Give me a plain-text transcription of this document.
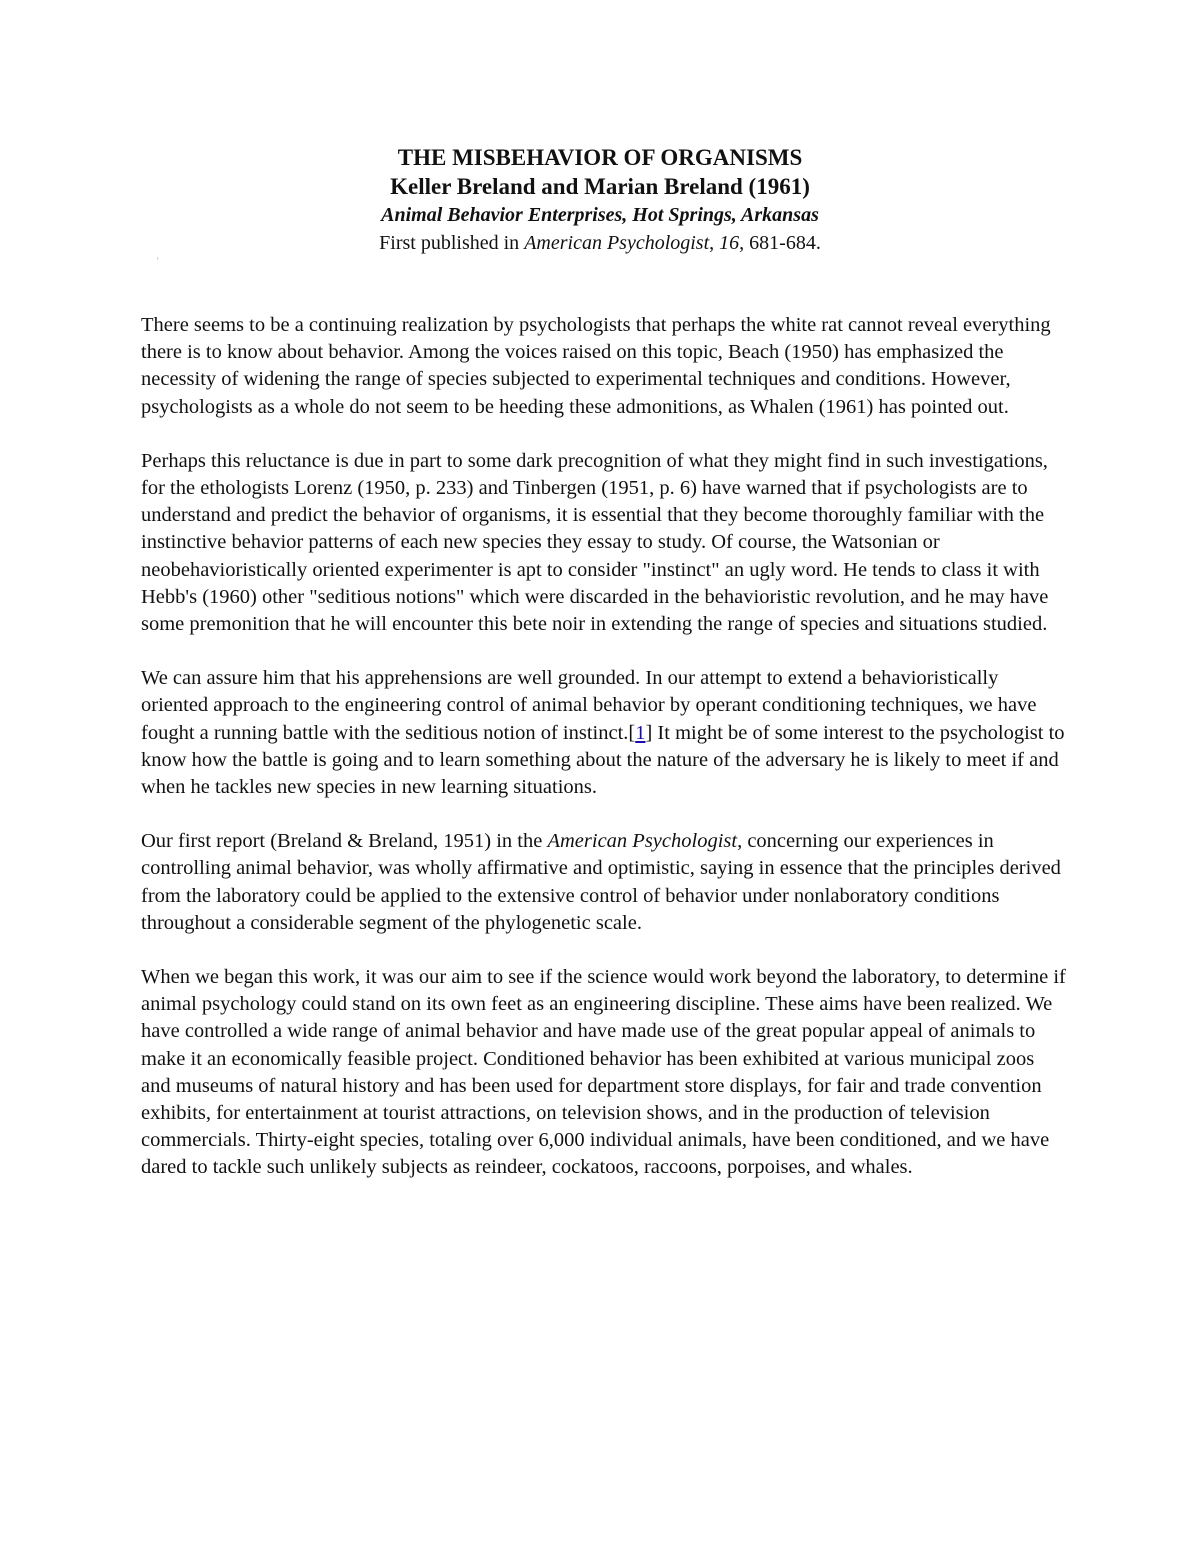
THE MISBEHAVIOR OF ORGANISMS

Keller Breland and Marian Breland (1961)

Animal Behavior Enterprises, Hot Springs, Arkansas

First published in American Psychologist, 16, 681-684.

'

There seems to be a continuing realization by psychologists that perhaps the white rat cannot reveal everything there is to know about behavior. Among the voices raised on this topic, Beach (1950) has emphasized the necessity of widening the range of species subjected to experimental techniques and conditions. However, psychologists as a whole do not seem to be heeding these admonitions, as Whalen (1961) has pointed out.

Perhaps this reluctance is due in part to some dark precognition of what they might find in such investigations, for the ethologists Lorenz (1950, p. 233) and Tinbergen (1951, p. 6) have warned that if psychologists are to understand and predict the behavior of organisms, it is essential that they become thoroughly familiar with the instinctive behavior patterns of each new species they essay to study. Of course, the Watsonian or neobehavioristically oriented experimenter is apt to consider "instinct" an ugly word. He tends to class it with Hebb's (1960) other "seditious notions" which were discarded in the behavioristic revolution, and he may have some premonition that he will encounter this bete noir in extending the range of species and situations studied.

We can assure him that his apprehensions are well grounded. In our attempt to extend a behavioristically oriented approach to the engineering control of animal behavior by operant conditioning techniques, we have fought a running battle with the seditious notion of instinct.[1] It might be of some interest to the psychologist to know how the battle is going and to learn something about the nature of the adversary he is likely to meet if and when he tackles new species in new learning situations.

Our first report (Breland & Breland, 1951) in the American Psychologist, concerning our experiences in controlling animal behavior, was wholly affirmative and optimistic, saying in essence that the principles derived from the laboratory could be applied to the extensive control of behavior under nonlaboratory conditions throughout a considerable segment of the phylogenetic scale.

When we began this work, it was our aim to see if the science would work beyond the laboratory, to determine if animal psychology could stand on its own feet as an engineering discipline. These aims have been realized. We have controlled a wide range of animal behavior and have made use of the great popular appeal of animals to make it an economically feasible project. Conditioned behavior has been exhibited at various municipal zoos and museums of natural history and has been used for department store displays, for fair and trade convention exhibits, for entertainment at tourist attractions, on television shows, and in the production of television commercials. Thirty-eight species, totaling over 6,000 individual animals, have been conditioned, and we have dared to tackle such unlikely subjects as reindeer, cockatoos, raccoons, porpoises, and whales.
